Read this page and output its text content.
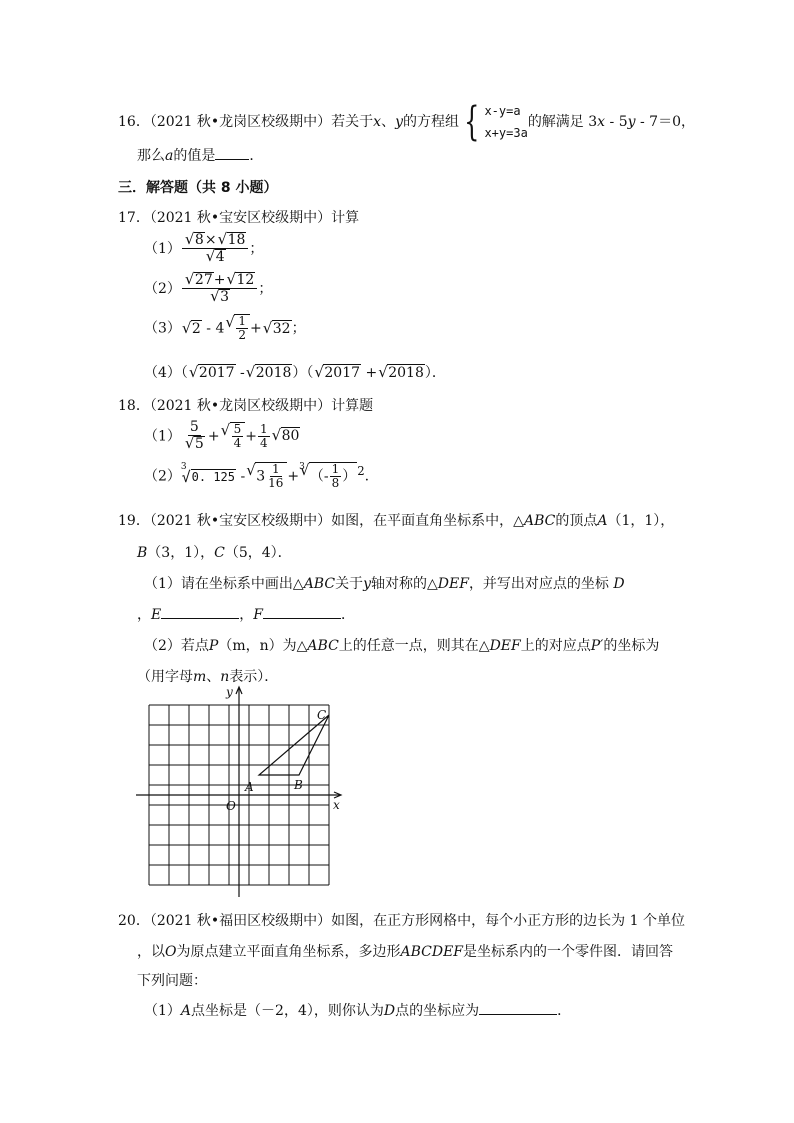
16．（2021 秋•龙岗区校级期中）若关于x、y的方程组 { x-y=a
x+y=3a
的解满足 3x - 5y - 7＝0，
那么a的值是 ．
三．解答题（共 8 小题）
17．（2021 秋•宝安区校级期中）计算
（1） √ 8× √ 18
√ 4 ；
（2） √ 27+ √ 12
√ 3 ；
（3） √ 2 - 4 √ $\frac{1}{2}$ + √ 32；
（4）（ √ 2017 - √ 2018）（ √ 2017 + √ 2018）．
18．（2021 秋•龙岗区校级期中）计算题
（1） 5
√ 5 + √ $\frac{5}{4} + \frac{1}{4}$ √ 80
$(2)^3√$ 0. 125 - √ $3 \frac{1}{16} +^3√$ （- $\frac{1}{8} )^2$.
19．（2021 秋•宝安区校级期中）如图，在平面直角坐标系中，△ABC的顶点A（1，1），
B（3，1），C（5，4）．
（1）请在坐标系中画出△ABC关于y轴对称的△DEF，并写出对应点的坐标 D
，E	，F	．
（2）若点P（m，n）为△ABC上的任意一点，则其在△DEF上的对应点P′的坐标为
（用字母m、n表示）．
x
y
O
A	B
C
20．（2021 秋•福田区校级期中）如图，在正方形网格中，每个小正方形的边长为 1 个单位
，以O为原点建立平面直角坐标系，多边形ABCDEF是坐标系内的一个零件图．请回答
下列问题：
（1）A点坐标是（－2，4），则你认为D点的坐标应为	．
